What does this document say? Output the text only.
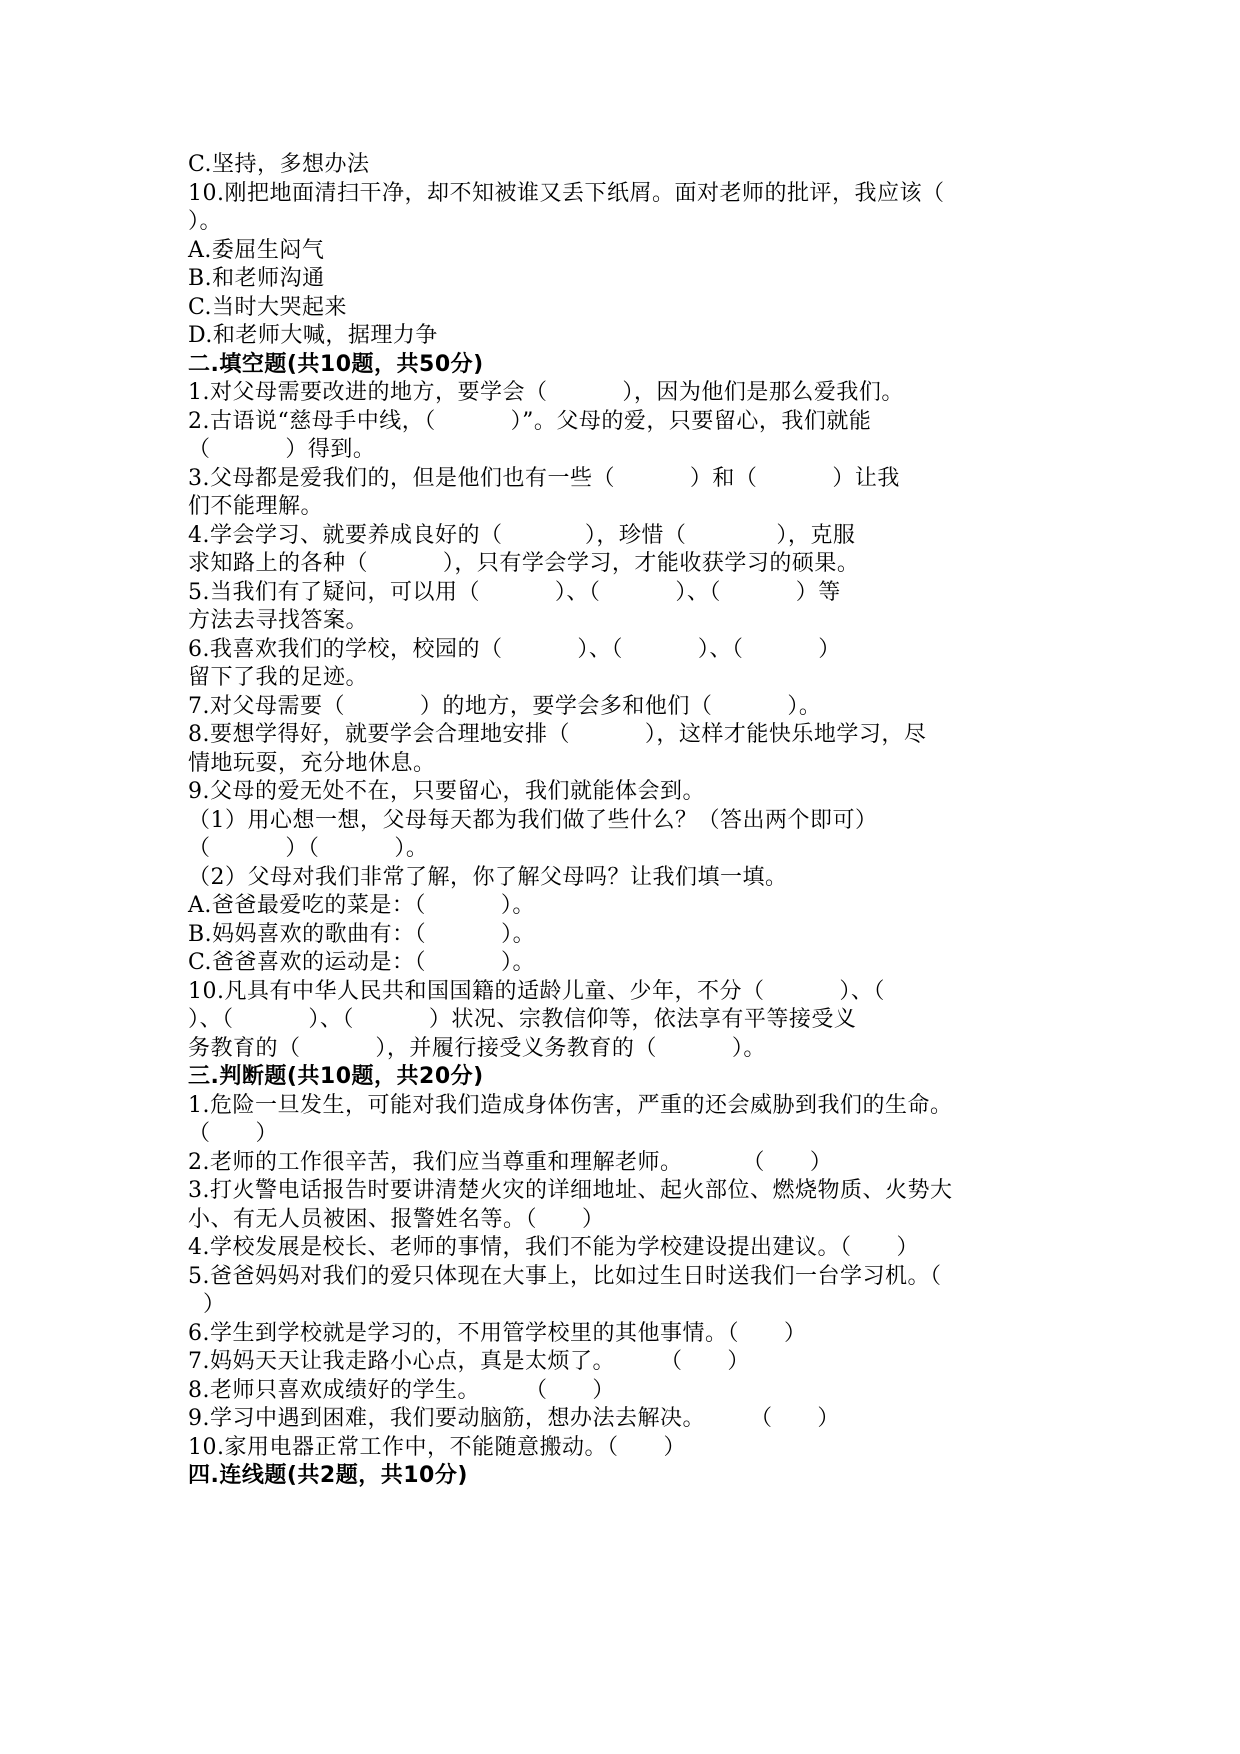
C.坚持，多想办法
10.刚把地面清扫干净，却不知被谁又丢下纸屑。面对老师的批评，我应该（
）。
A.委屈生闷气
B.和老师沟通
C.当时大哭起来
D.和老师大喊，据理力争
二.填空题(共10题，共50分)
1.对父母需要改进的地方，要学会（          ），因为他们是那么爱我们。
2.古语说“慈母手中线，（          ）”。父母的爱，只要留心，我们就能
（          ）得到。
3.父母都是爱我们的，但是他们也有一些（          ）和（          ）让我
们不能理解。
4.学会学习、就要养成良好的（           ），珍惜（            ），克服
求知路上的各种（          ），只有学会学习，才能收获学习的硕果。
5.当我们有了疑问，可以用（          ）、（          ）、（          ）等
方法去寻找答案。
6.我喜欢我们的学校，校园的（          ）、（          ）、（          ）
留下了我的足迹。
7.对父母需要（          ）的地方，要学会多和他们（          ）。
8.要想学得好，就要学会合理地安排（          ），这样才能快乐地学习，尽
情地玩耍，充分地休息。
9.父母的爱无处不在，只要留心，我们就能体会到。
（1）用心想一想，父母每天都为我们做了些什么？（答出两个即可）
（          ）（          ）。
（2）父母对我们非常了解，你了解父母吗？让我们填一填。
A.爸爸最爱吃的菜是：（          ）。
B.妈妈喜欢的歌曲有：（          ）。
C.爸爸喜欢的运动是：（          ）。
10.凡具有中华人民共和国国籍的适龄儿童、少年，不分（          ）、（
）、（          ）、（          ）状况、宗教信仰等，依法享有平等接受义
务教育的（          ），并履行接受义务教育的（          ）。
三.判断题(共10题，共20分)
1.危险一旦发生，可能对我们造成身体伤害，严重的还会威胁到我们的生命。
（      ）
2.老师的工作很辛苦，我们应当尊重和理解老师。        （      ）
3.打火警电话报告时要讲清楚火灾的详细地址、起火部位、燃烧物质、火势大
小、有无人员被困、报警姓名等。（      ）
4.学校发展是校长、老师的事情，我们不能为学校建设提出建议。（      ）
5.爸爸妈妈对我们的爱只体现在大事上，比如过生日时送我们一台学习机。（
）
6.学生到学校就是学习的，不用管学校里的其他事情。（      ）
7.妈妈天天让我走路小心点，真是太烦了。      （      ）
8.老师只喜欢成绩好的学生。      （      ）
9.学习中遇到困难，我们要动脑筋，想办法去解决。      （      ）
10.家用电器正常工作中，不能随意搬动。（      ）
四.连线题(共2题，共10分)
